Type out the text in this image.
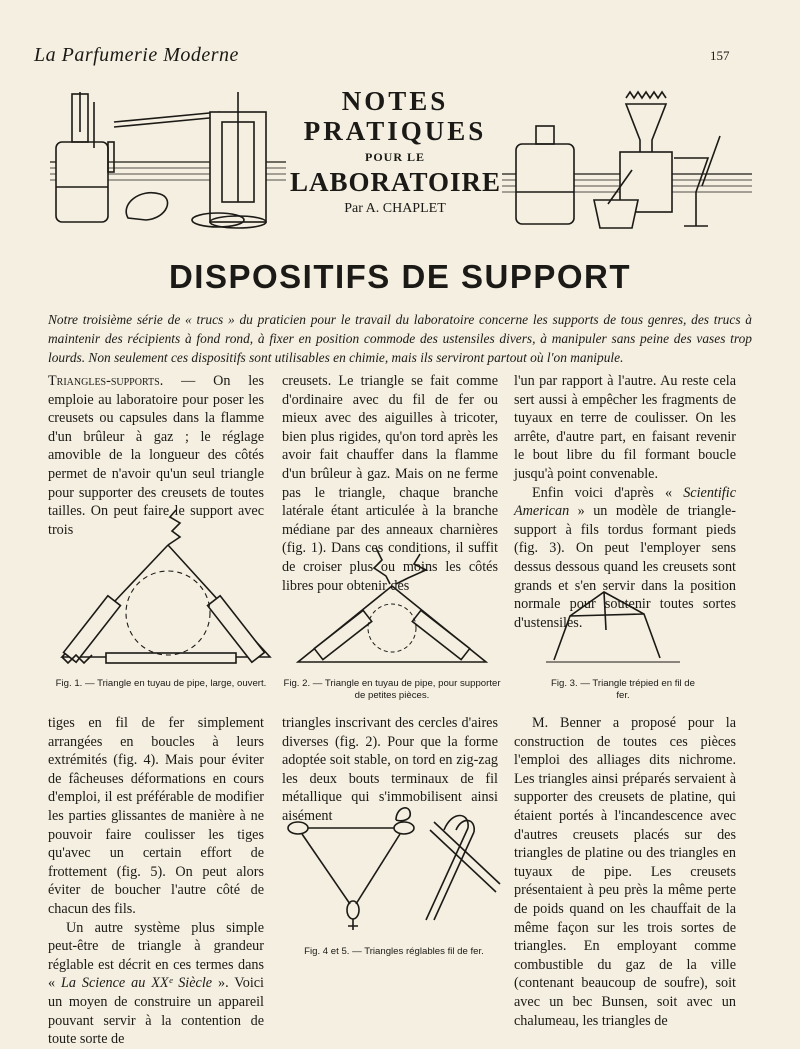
La Parfumerie Moderne	157
NOTES
PRATIQUES
POUR LE
LABORATOIRE
Par A. CHAPLET
DISPOSITIFS DE SUPPORT
Notre troisième série de « trucs » du praticien pour le travail du laboratoire concerne les supports de tous genres, des trucs à maintenir des récipients à fond rond, à fixer en position commode des ustensiles divers, à manipuler sans peine des vases trop lourds. Non seulement ces dispositifs sont utilisables en chimie, mais ils serviront partout où l'on manipule.

Triangles-supports. — On les emploie au laboratoire pour poser les creusets ou capsules dans la flamme d'un brûleur à gaz ; le réglage amovible de la longueur des côtés permet de n'avoir qu'un seul triangle pour supporter des creusets de toutes tailles. On peut faire le support avec trois

creusets. Le triangle se fait comme d'ordinaire avec du fil de fer ou mieux avec des aiguilles à tricoter, bien plus rigides, qu'on tord après les avoir fait chauffer dans la flamme d'un brûleur à gaz. Mais on ne ferme pas le triangle, chaque branche latérale étant articulée à la branche médiane par des anneaux charnières (fig. 1). Dans ces conditions, il suffit de croiser plus ou moins les côtés libres pour obtenir des

l'un par rapport à l'autre. Au reste cela sert aussi à empêcher les fragments de tuyaux en terre de coulisser. On les arrête, d'autre part, en faisant revenir le bout libre du fil formant boucle jusqu'à point convenable.

Enfin voici d'après « Scientific American » un modèle de triangle-support à fils tordus formant pieds (fig. 3). On peut l'employer sens dessus dessous quand les creusets sont grands et s'en servir dans la position normale pour soutenir toutes sortes d'ustensiles.

Fig. 1. — Triangle en tuyau de pipe, large, ouvert.	Fig. 2. — Triangle en tuyau de pipe, pour supporter de petites pièces.
Fig. 3. — Triangle trépied en fil de fer.

tiges en fil de fer simplement arrangées en boucles à leurs extrémités (fig. 4). Mais pour éviter de fâcheuses déformations en cours d'emploi, il est préférable de modifier les parties glissantes de manière à ne pouvoir faire coulisser les tiges qu'avec un certain effort de frottement (fig. 5). On peut alors éviter de boucher l'autre côté de chacun des fils.

Un autre système plus simple peut-être de triangle à grandeur réglable est décrit en ces termes dans « La Science au XXᵉ Siècle ». Voici un moyen de construire un appareil pouvant servir à la contention de toute sorte de

triangles inscrivant des cercles d'aires diverses (fig. 2). Pour que la forme adoptée soit stable, on tord en zig-zag les deux bouts terminaux de fil métallique qui s'immobilisent ainsi aisément

M. Benner a proposé pour la construction de toutes ces pièces l'emploi des alliages dits nichrome. Les triangles ainsi préparés servaient à supporter des creusets de platine, qui étaient portés à l'incandescence avec d'autres creusets placés sur des triangles de platine ou des triangles en tuyaux de pipe. Les creusets présentaient à peu près la même perte de poids quand on les chauffait de la même façon sur les trois sortes de triangles. En employant comme combustible du gaz de la ville (contenant beaucoup de soufre), soit avec un bec Bunsen, soit avec un chalumeau, les triangles de

Fig. 4 et 5. — Triangles réglables fil de fer.
